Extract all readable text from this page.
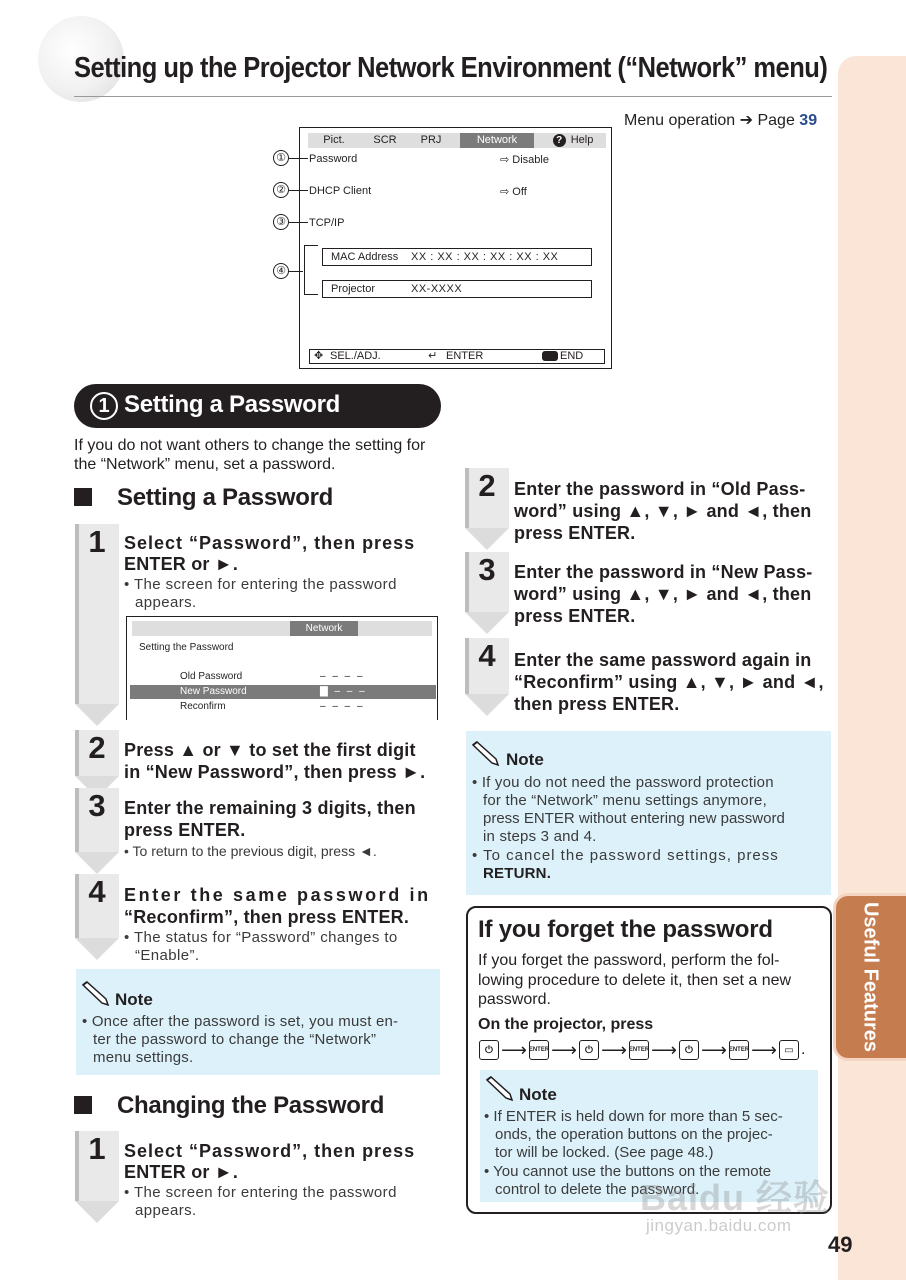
Setting up the Projector Network Environment (“Network” menu)
Menu operation ➔ Page 39
Useful Features
Pict.	SCR	PRJ	Network	? Help
Password	⇨ Disable
DHCP Client	⇨ Off
TCP/IP
MAC Address XX : XX : XX : XX : XX : XX
Projector	XX-XXXX
✥ SEL./ADJ.	↵ ENTER	END
①
②
③
④
1 Setting a Password
If you do not want others to change the setting for the “Network” menu, set a password.
Setting a Password
1	Select “Password”, then press
ENTER or ►.
• The screen for entering the password
appears.
Network
Setting the Password
Old Password	– – – –
New Password	▇ – – –
Reconfirm	– – – –
2	Press ▲ or ▼ to set the first digit
in “New Password”, then press ►.
3	Enter the remaining 3 digits, then
press ENTER.
• To return to the previous digit, press ◄.
4	Enter the same password in
“Reconfirm”, then press ENTER.
• The status for “Password” changes to
“Enable”.
Note
• Once after the password is set, you must en-
ter the password to change the “Network”
menu settings.
Changing the Password
1	Select “Password”, then press
ENTER or ►.
• The screen for entering the password
appears.
2	Enter the password in “Old Pass-
word” using ▲, ▼, ► and ◄, then
press ENTER.
3	Enter the password in “New Pass-
word” using ▲, ▼, ► and ◄, then
press ENTER.
4	Enter the same password again in
“Reconfirm” using ▲, ▼, ► and ◄,
then press ENTER.
Note
• If you do not need the password protection
for the “Network” menu settings anymore,
press ENTER without entering new password
in steps 3 and 4.
• To cancel the password settings, press
RETURN.
If you forget the password
If you forget the password, perform the fol-lowing procedure to delete it, then set a new password.
On the projector, press
⏻ ⟶ ENTER ⟶ ⏻ ⟶ ENTER ⟶ ⏻ ⟶ ENTER ⟶ ▭ .
Note
• If ENTER is held down for more than 5 sec-
onds, the operation buttons on the projec-
tor will be locked. (See page 48.)
• You cannot use the buttons on the remote
control to delete the password.
49
Baidu 经验
jingyan.baidu.com
